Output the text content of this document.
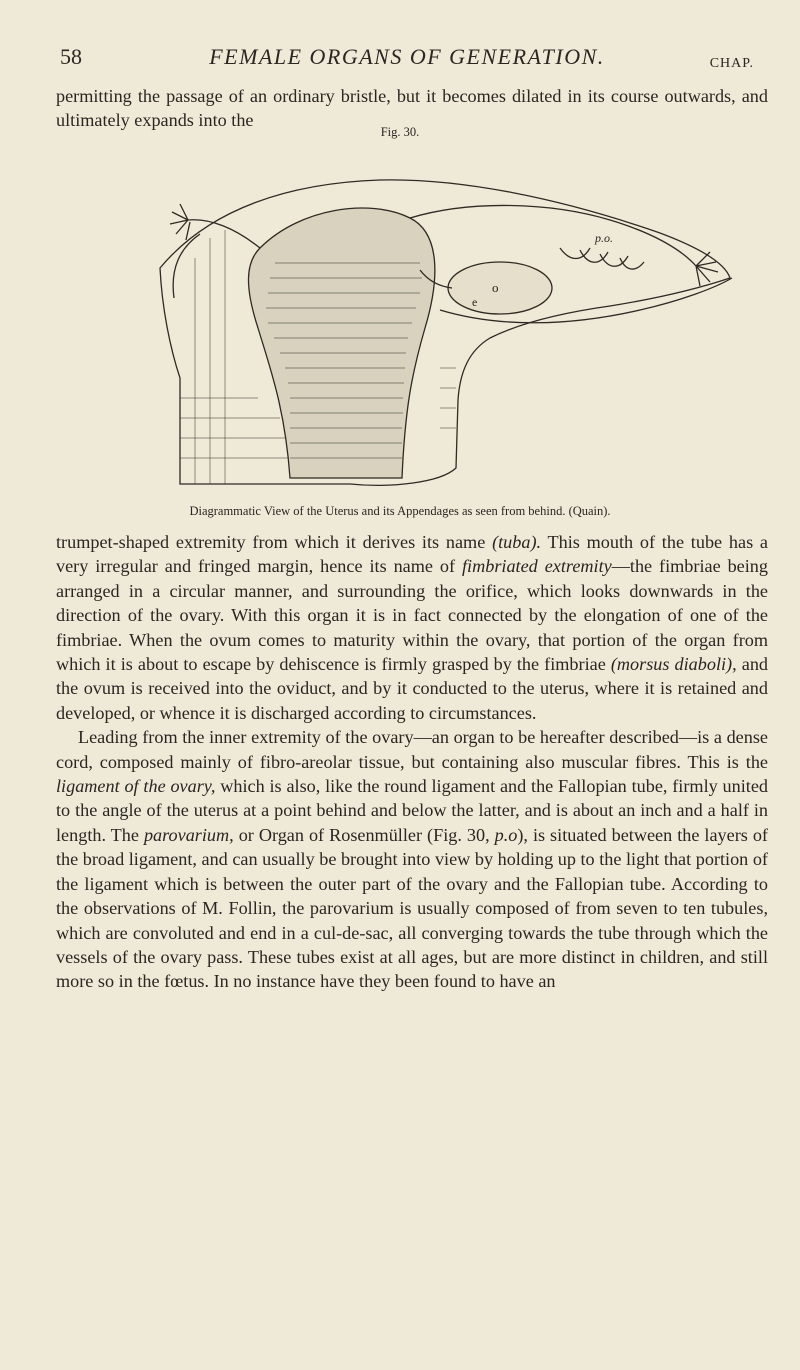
58	FEMALE ORGANS OF GENERATION.	CHAP.

permitting the passage of an ordinary bristle, but it becomes dilated in its course outwards, and ultimately expands into the

Fig. 30.
p.o.
o
e
Diagrammatic View of the Uterus and its Appendages as seen from behind. (Quain).

trumpet-shaped extremity from which it derives its name (tuba). This mouth of the tube has a very irregular and fringed margin, hence its name of fimbriated extremity—the fimbriae being arranged in a circular manner, and surrounding the orifice, which looks downwards in the direction of the ovary. With this organ it is in fact connected by the elongation of one of the fimbriae. When the ovum comes to maturity within the ovary, that portion of the organ from which it is about to escape by dehiscence is firmly grasped by the fimbriae (morsus diaboli), and the ovum is received into the oviduct, and by it conducted to the uterus, where it is retained and developed, or whence it is discharged according to circumstances.

Leading from the inner extremity of the ovary—an organ to be hereafter described—is a dense cord, composed mainly of fibro-areolar tissue, but containing also muscular fibres. This is the ligament of the ovary, which is also, like the round ligament and the Fallopian tube, firmly united to the angle of the uterus at a point behind and below the latter, and is about an inch and a half in length. The parovarium, or Organ of Rosenmüller (Fig. 30, p.o), is situated between the layers of the broad ligament, and can usually be brought into view by holding up to the light that portion of the ligament which is between the outer part of the ovary and the Fallopian tube. According to the observations of M. Follin, the parovarium is usually composed of from seven to ten tubules, which are convoluted and end in a cul-de-sac, all converging towards the tube through which the vessels of the ovary pass. These tubes exist at all ages, but are more distinct in children, and still more so in the fœtus. In no instance have they been found to have an
